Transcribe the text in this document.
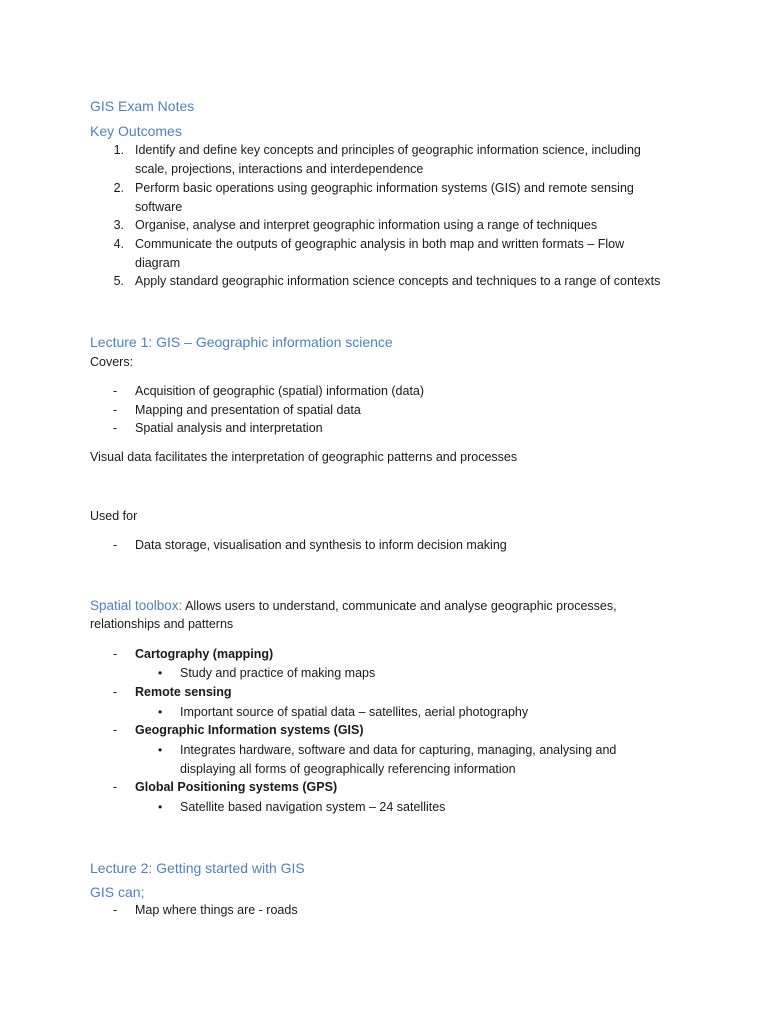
GIS Exam Notes
Key Outcomes
1. Identify and define key concepts and principles of geographic information science, including
scale, projections, interactions and interdependence
2. Perform basic operations using geographic information systems (GIS) and remote sensing
software
3. Organise, analyse and interpret geographic information using a range of techniques
4. Communicate the outputs of geographic analysis in both map and written formats – Flow
diagram
5. Apply standard geographic information science concepts and techniques to a range of contexts
Lecture 1: GIS – Geographic information science
Covers:
- Acquisition of geographic (spatial) information (data)
- Mapping and presentation of spatial data
- Spatial analysis and interpretation
Visual data facilitates the interpretation of geographic patterns and processes
Used for
- Data storage, visualisation and synthesis to inform decision making
Spatial toolbox: Allows users to understand, communicate and analyse geographic processes,
relationships and patterns
- Cartography (mapping)
• Study and practice of making maps
- Remote sensing
• Important source of spatial data – satellites, aerial photography
- Geographic Information systems (GIS)
• Integrates hardware, software and data for capturing, managing, analysing and
displaying all forms of geographically referencing information
- Global Positioning systems (GPS)
• Satellite based navigation system – 24 satellites
Lecture 2: Getting started with GIS
GIS can;
- Map where things are - roads
